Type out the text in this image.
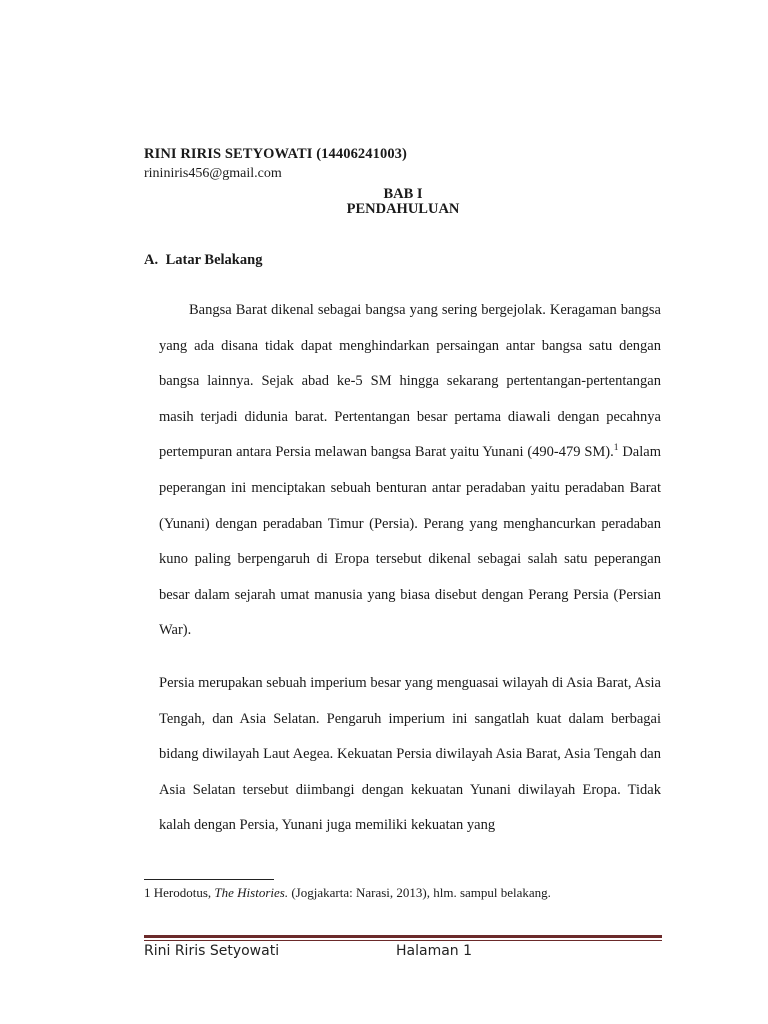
RINI RIRIS SETYOWATI (14406241003)
rininiris456@gmail.com
BAB I
PENDAHULUAN
A. Latar Belakang

Bangsa Barat dikenal sebagai bangsa yang sering bergejolak. Keragaman bangsa yang ada disana tidak dapat menghindarkan persaingan antar bangsa satu dengan bangsa lainnya. Sejak abad ke-5 SM hingga sekarang pertentangan-pertentangan masih terjadi didunia barat. Pertentangan besar pertama diawali dengan pecahnya pertempuran antara Persia melawan bangsa Barat yaitu Yunani (490-479 SM).$^1$ Dalam peperangan ini menciptakan sebuah benturan antar peradaban yaitu peradaban Barat (Yunani) dengan peradaban Timur (Persia). Perang yang menghancurkan peradaban kuno paling berpengaruh di Eropa tersebut dikenal sebagai salah satu peperangan besar dalam sejarah umat manusia yang biasa disebut dengan Perang Persia (Persian War).

Persia merupakan sebuah imperium besar yang menguasai wilayah di Asia Barat, Asia Tengah, dan Asia Selatan. Pengaruh imperium ini sangatlah kuat dalam berbagai bidang diwilayah Laut Aegea. Kekuatan Persia diwilayah Asia Barat, Asia Tengah dan Asia Selatan tersebut diimbangi dengan kekuatan Yunani diwilayah Eropa. Tidak kalah dengan Persia, Yunani juga memiliki kekuatan yang

1 Herodotus, The Histories. (Jogjakarta: Narasi, 2013), hlm. sampul belakang.
Rini Riris Setyowati	Halaman 1
